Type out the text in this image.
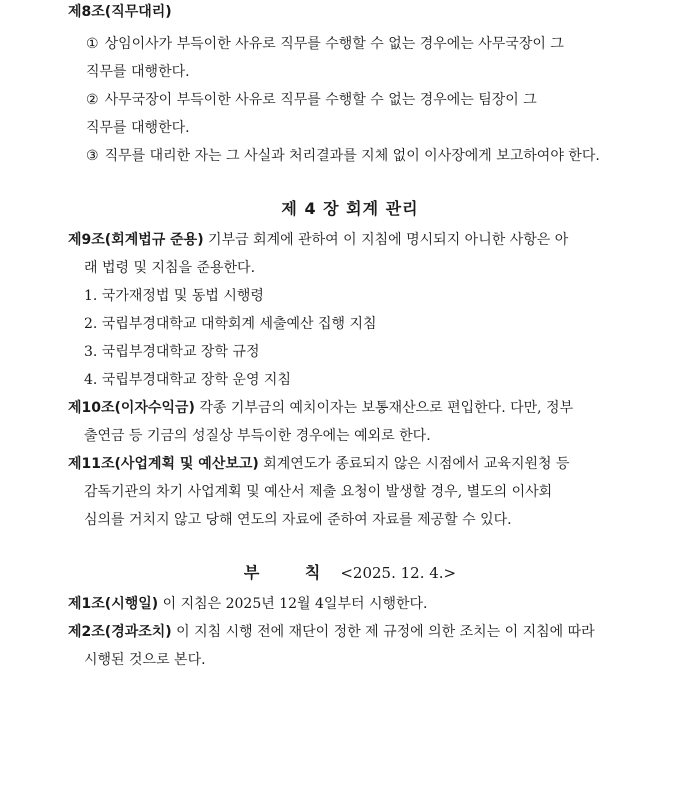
제8조(직무대리)
① 상임이사가 부득이한 사유로 직무를 수행할 수 없는 경우에는 사무국장이 그
직무를 대행한다.
② 사무국장이 부득이한 사유로 직무를 수행할 수 없는 경우에는 팀장이 그
직무를 대행한다.
③ 직무를 대리한 자는 그 사실과 처리결과를 지체 없이 이사장에게 보고하여야 한다.
제 4 장 회계 관리
제9조(회계법규 준용) 기부금 회계에 관하여 이 지침에 명시되지 아니한 사항은 아
래 법령 및 지침을 준용한다.
1. 국가재정법 및 동법 시행령
2. 국립부경대학교 대학회계 세출예산 집행 지침
3. 국립부경대학교 장학 규정
4. 국립부경대학교 장학 운영 지침
제10조(이자수익금) 각종 기부금의 예치이자는 보통재산으로 편입한다. 다만, 정부
출연금 등 기금의 성질상 부득이한 경우에는 예외로 한다.
제11조(사업계획 및 예산보고) 회계연도가 종료되지 않은 시점에서 교육지원청 등
감독기관의 차기 사업계획 및 예산서 제출 요청이 발생할 경우, 별도의 이사회
심의를 거치지 않고 당해 연도의 자료에 준하여 자료를 제공할 수 있다.
부 칙<2025. 12. 4.>
제1조(시행일) 이 지침은 2025년 12월 4일부터 시행한다.
제2조(경과조치) 이 지침 시행 전에 재단이 정한 제 규정에 의한 조치는 이 지침에 따라
시행된 것으로 본다.
